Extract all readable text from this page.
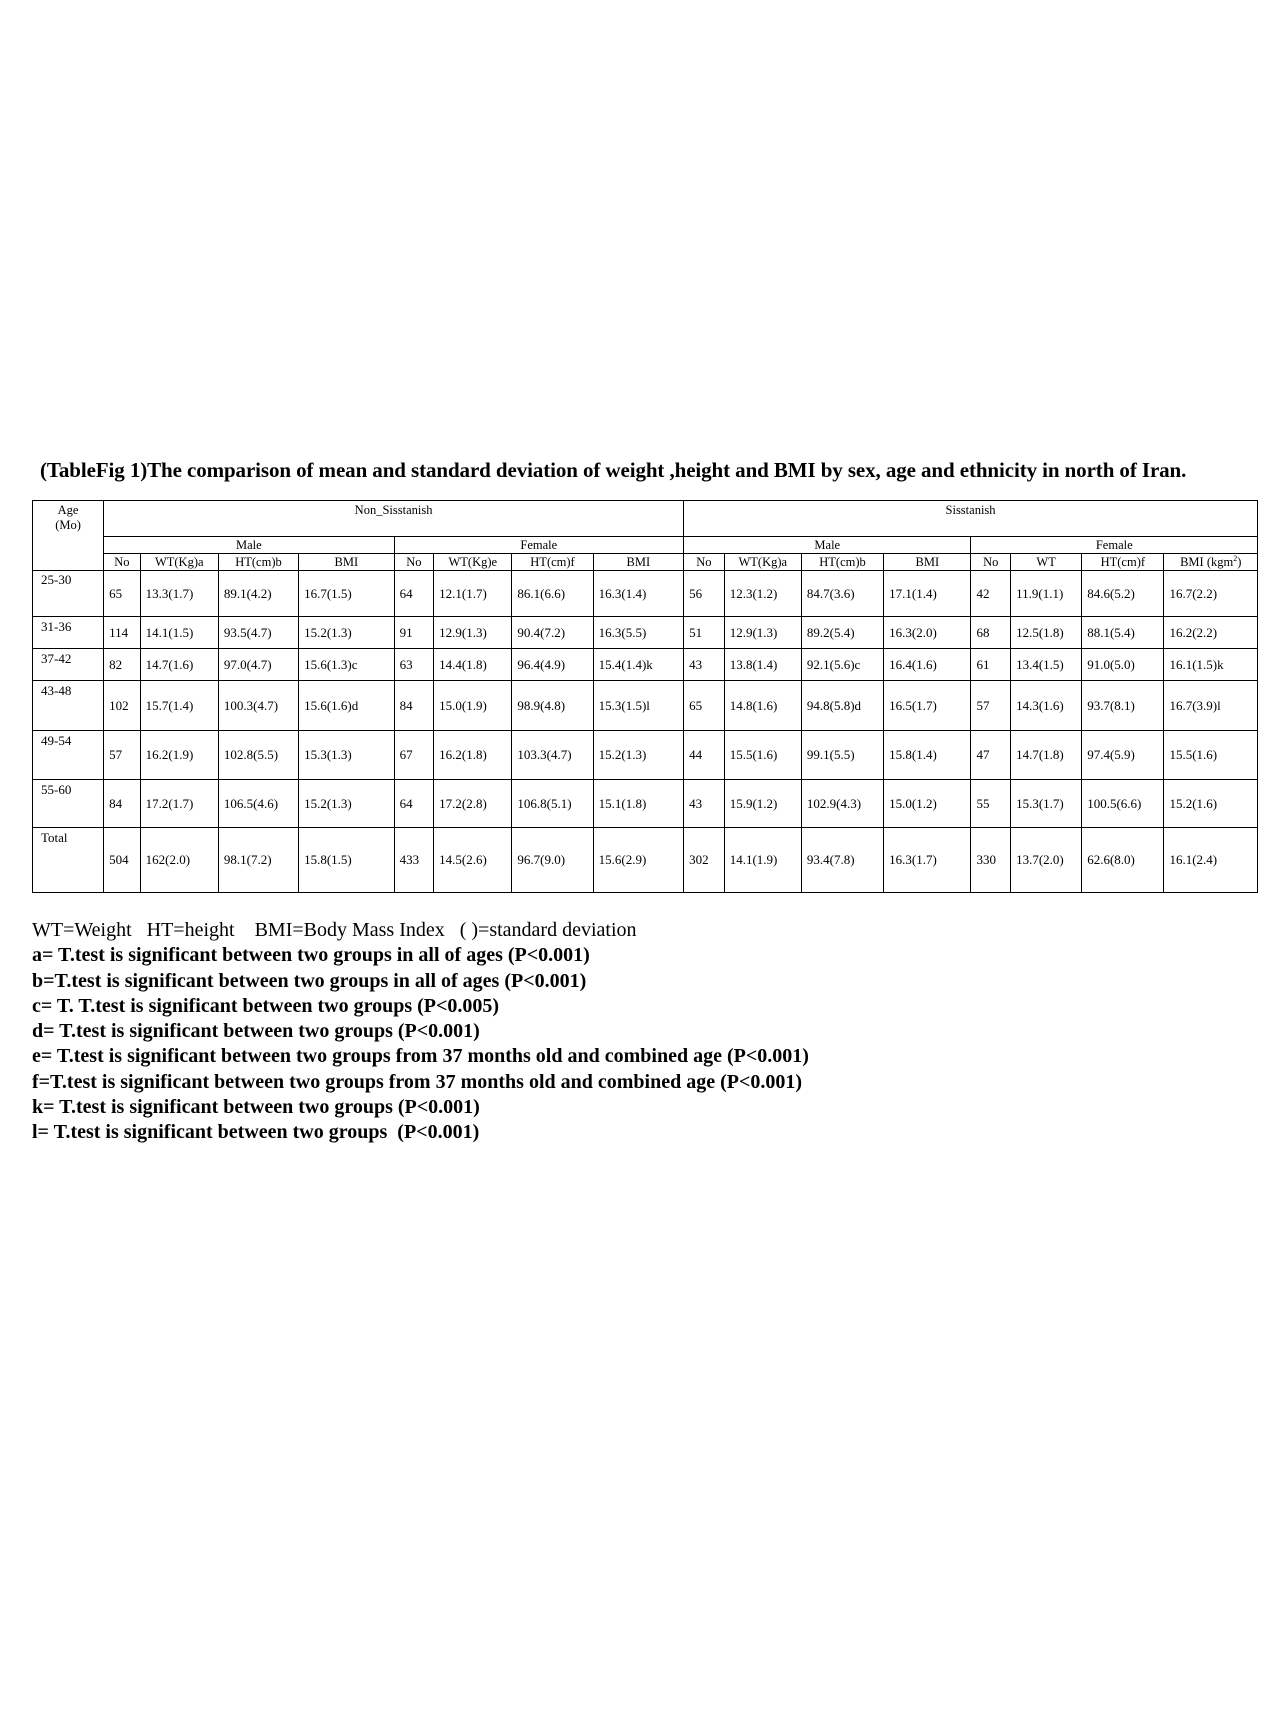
(TableFig 1)The comparison of mean and standard deviation of weight ,height and BMI by sex, age and ethnicity in north of Iran.
Age
(Mo)	Non_Sisstanish								Sisstanish							
	Male				Female				Male				Female			
	No	WT(Kg)a	HT(cm)b	BMI	No	WT(Kg)e	HT(cm)f	BMI	No	WT(Kg)a	HT(cm)b	BMI	No	WT	HT(cm)f	BMI (kgm$^2$)
25-30	65	13.3(1.7)	89.1(4.2)	16.7(1.5)	64	12.1(1.7)	86.1(6.6)	16.3(1.4)	56	12.3(1.2)	84.7(3.6)	17.1(1.4)	42	11.9(1.1)	84.6(5.2)	16.7(2.2)
31-36	114	14.1(1.5)	93.5(4.7)	15.2(1.3)	91	12.9(1.3)	90.4(7.2)	16.3(5.5)	51	12.9(1.3)	89.2(5.4)	16.3(2.0)	68	12.5(1.8)	88.1(5.4)	16.2(2.2)
37-42	82	14.7(1.6)	97.0(4.7)	15.6(1.3)c	63	14.4(1.8)	96.4(4.9)	15.4(1.4)k	43	13.8(1.4)	92.1(5.6)c	16.4(1.6)	61	13.4(1.5)	91.0(5.0)	16.1(1.5)k
43-48	102	15.7(1.4)	100.3(4.7)	15.6(1.6)d	84	15.0(1.9)	98.9(4.8)	15.3(1.5)l	65	14.8(1.6)	94.8(5.8)d	16.5(1.7)	57	14.3(1.6)	93.7(8.1)	16.7(3.9)l
49-54	57	16.2(1.9)	102.8(5.5)	15.3(1.3)	67	16.2(1.8)	103.3(4.7)	15.2(1.3)	44	15.5(1.6)	99.1(5.5)	15.8(1.4)	47	14.7(1.8)	97.4(5.9)	15.5(1.6)
55-60	84	17.2(1.7)	106.5(4.6)	15.2(1.3)	64	17.2(2.8)	106.8(5.1)	15.1(1.8)	43	15.9(1.2)	102.9(4.3)	15.0(1.2)	55	15.3(1.7)	100.5(6.6)	15.2(1.6)
Total	504	162(2.0)	98.1(7.2)	15.8(1.5)	433	14.5(2.6)	96.7(9.0)	15.6(2.9)	302	14.1(1.9)	93.4(7.8)	16.3(1.7)	330	13.7(2.0)	62.6(8.0)	16.1(2.4)
WT=Weight   HT=height    BMI=Body Mass Index   ( )=standard deviation
a= T.test is significant between two groups in all of ages (P<0.001)
b=T.test is significant between two groups in all of ages (P<0.001)
c= T. T.test is significant between two groups (P<0.005)
d= T.test is significant between two groups (P<0.001)
e= T.test is significant between two groups from 37 months old and combined age (P<0.001)
f=T.test is significant between two groups from 37 months old and combined age (P<0.001)
k= T.test is significant between two groups (P<0.001)
l= T.test is significant between two groups  (P<0.001)
